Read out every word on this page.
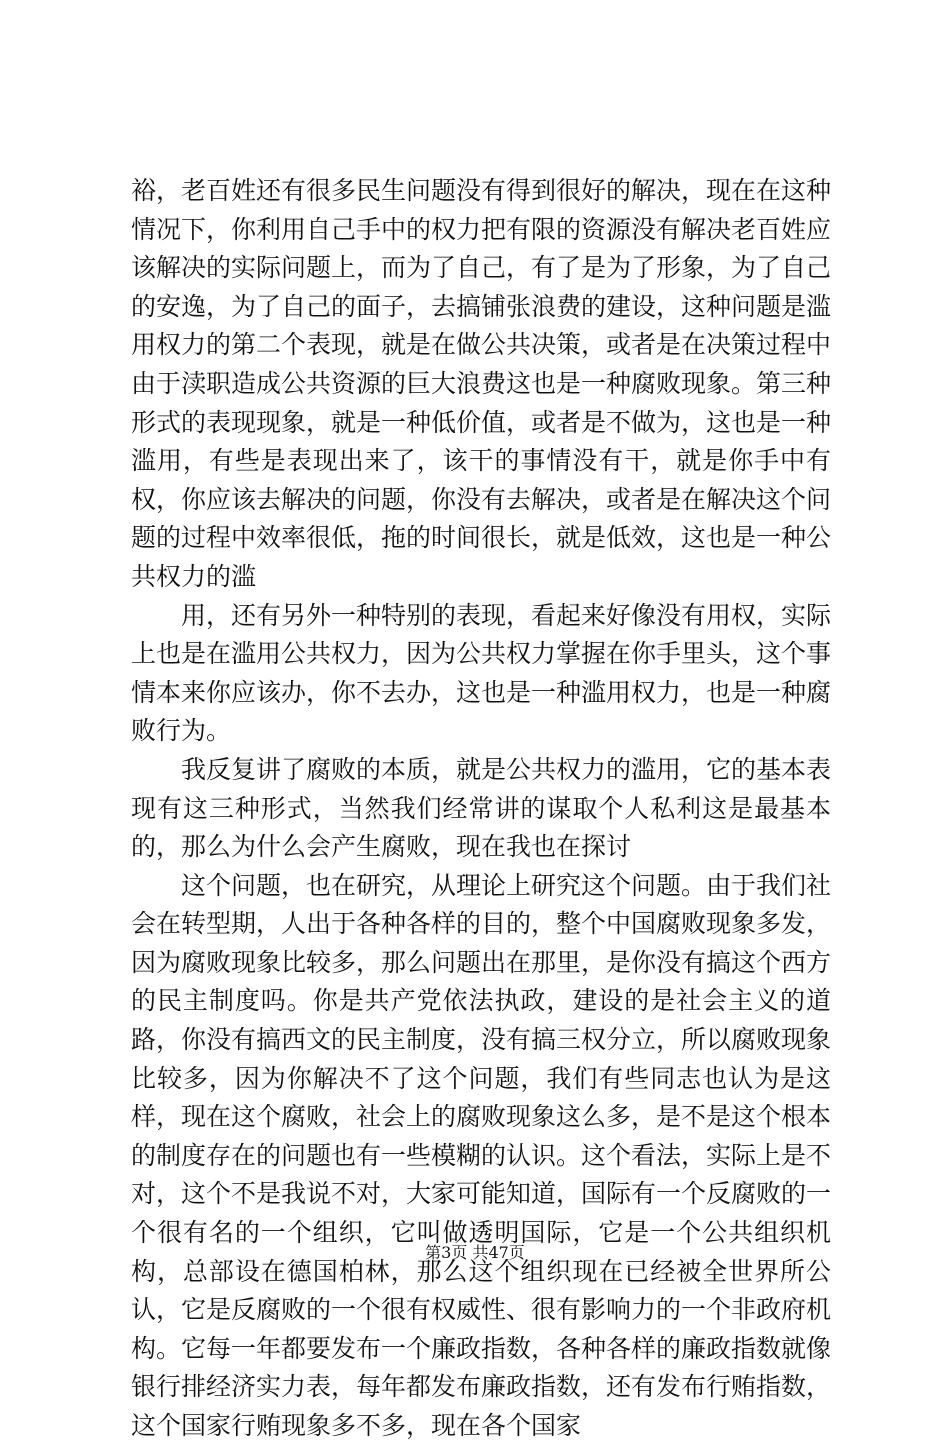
裕，老百姓还有很多民生问题没有得到很好的解决，现在在这种情况下，你利用自己手中的权力把有限的资源没有解决老百姓应该解决的实际问题上，而为了自己，有了是为了形象，为了自己的安逸，为了自己的面子，去搞铺张浪费的建设，这种问题是滥用权力的第二个表现，就是在做公共决策，或者是在决策过程中由于渎职造成公共资源的巨大浪费这也是一种腐败现象。第三种形式的表现现象，就是一种低价值，或者是不做为，这也是一种滥用，有些是表现出来了，该干的事情没有干，就是你手中有权，你应该去解决的问题，你没有去解决，或者是在解决这个问题的过程中效率很低，拖的时间很长，就是低效，这也是一种公共权力的滥

用，还有另外一种特别的表现，看起来好像没有用权，实际上也是在滥用公共权力，因为公共权力掌握在你手里头，这个事情本来你应该办，你不去办，这也是一种滥用权力，也是一种腐败行为。

我反复讲了腐败的本质，就是公共权力的滥用，它的基本表现有这三种形式，当然我们经常讲的谋取个人私利这是最基本的，那么为什么会产生腐败，现在我也在探讨

这个问题，也在研究，从理论上研究这个问题。由于我们社会在转型期，人出于各种各样的目的，整个中国腐败现象多发，因为腐败现象比较多，那么问题出在那里，是你没有搞这个西方的民主制度吗。你是共产党依法执政，建设的是社会主义的道路，你没有搞西文的民主制度，没有搞三权分立，所以腐败现象比较多，因为你解决不了这个问题，我们有些同志也认为是这样，现在这个腐败，社会上的腐败现象这么多，是不是这个根本的制度存在的问题也有一些模糊的认识。这个看法，实际上是不对，这个不是我说不对，大家可能知道，国际有一个反腐败的一个很有名的一个组织，它叫做透明国际，它是一个公共组织机构，总部设在德国柏林，那么这个组织现在已经被全世界所公认，它是反腐败的一个很有权威性、很有影响力的一个非政府机构。它每一年都要发布一个廉政指数，各种各样的廉政指数就像银行排经济实力表，每年都发布廉政指数，还有发布行贿指数，这个国家行贿现象多不多，现在各个国家

第3页 共47页
